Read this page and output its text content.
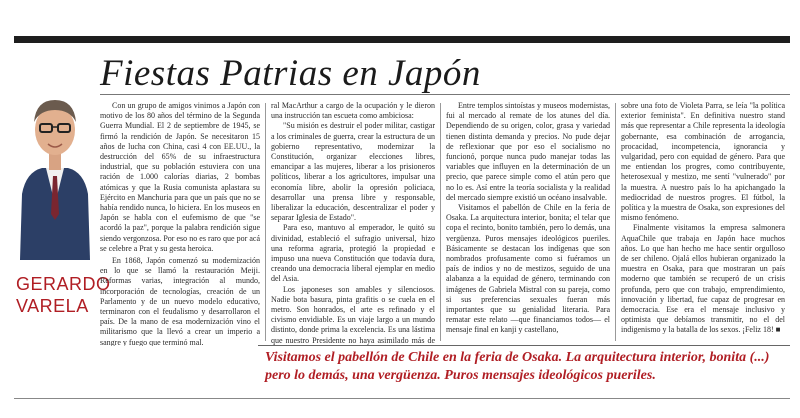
Fiestas Patrias en Japón
GERARDO VARELA

Con un grupo de amigos vinimos a Japón con motivo de los 80 años del término de la Segunda Guerra Mundial. El 2 de septiembre de 1945, se firmó la rendición de Japón. Se necesitaron 15 años de lucha con China, casi 4 con EE.UU., la destrucción del 65% de su infraestructura industrial, que su población estuviera con una ración de 1.000 calorías diarias, 2 bombas atómicas y que la Rusia comunista aplastara su Ejército en Manchuria para que un país que no se había rendido nunca, lo hiciera. En los museos en Japón se habla con el eufemismo de que "se acordó la paz", porque la palabra rendición sigue siendo vergonzosa. Por eso no es raro que por acá se celebre a Prat y su gesta heroica.

En 1868, Japón comenzó su modernización en lo que se llamó la restauración Meiji. Reformas varias, integración al mundo, incorporación de tecnologías, creación de un Parlamento y de un nuevo modelo educativo, terminaron con el feudalismo y desarrollaron el país. De la mano de esa modernización vino el militarismo que la llevó a crear un imperio a sangre y fuego que terminó mal.

ral MacArthur a cargo de la ocupación y le dieron una instrucción tan escueta como ambiciosa:

"Su misión es destruir el poder militar, castigar a los criminales de guerra, crear la estructura de un gobierno representativo, modernizar la Constitución, organizar elecciones libres, emancipar a las mujeres, liberar a los prisioneros políticos, liberar a los agricultores, impulsar una economía libre, abolir la opresión policiaca, desarrollar una prensa libre y responsable, liberalizar la educación, descentralizar el poder y separar Iglesia de Estado".

Para eso, mantuvo al emperador, le quitó su divinidad, estableció el sufragio universal, hizo una reforma agraria, protegió la propiedad e impuso una nueva Constitución que todavía dura, creando una democracia liberal ejemplar en medio del Asia.

Los japoneses son amables y silenciosos. Nadie bota basura, pinta grafitis o se cuela en el metro. Son honrados, el arte es refinado y el civismo envidiable. Es un viaje largo a un mundo distinto, donde prima la excelencia. Es una lástima que nuestro Presidente no haya asimilado más de

Entre templos sintoístas y museos modernistas, fui al mercado al remate de los atunes del día. Dependiendo de su origen, color, grasa y variedad tienen distinta demanda y precios. No pude dejar de reflexionar que por eso el socialismo no funcionó, porque nunca pudo manejar todas las variables que influyen en la determinación de un precio, que parece simple como el atún pero que no lo es. Así entre la teoría socialista y la realidad del mercado siempre existió un océano insalvable.

Visitamos el pabellón de Chile en la feria de Osaka. La arquitectura interior, bonita; el telar que copa el recinto, bonito también, pero lo demás, una vergüenza. Puros mensajes ideológicos pueriles. Básicamente se destacan los indígenas que son nombrados profusamente como si fuéramos un país de indios y no de mestizos, seguido de una alabanza a la equidad de género, terminando con imágenes de Gabriela Mistral con su pareja, como si sus preferencias sexuales fueran más importantes que su genialidad literaria. Para rematar este relato —que financiamos todos— el mensaje final en kanji y castellano,

sobre una foto de Violeta Parra, se leía "la política exterior feminista". En definitiva nuestro stand más que representar a Chile representa la ideología gobernante, esa combinación de arrogancia, procacidad, incompetencia, ignorancia y vulgaridad, pero con equidad de género. Para que me entiendan los progres, como contribuyente, heterosexual y mestizo, me sentí "vulnerado" por la muestra. A nuestro país lo ha apichangado la mediocridad de nuestros progres. El fútbol, la política y la muestra de Osaka, son expresiones del mismo fenómeno.

Finalmente visitamos la empresa salmonera AquaChile que trabaja en Japón hace muchos años. Lo que han hecho me hace sentir orgulloso de ser chileno. Ojalá ellos hubieran organizado la muestra en Osaka, para que mostraran un país moderno que también se recuperó de un crisis profunda, pero que con trabajo, emprendimiento, innovación y libertad, fue capaz de progresar en democracia. Ese era el mensaje inclusivo y optimista que debíamos transmitir, no el del indigenismo y la batalla de los sexos. ¡Feliz 18! ■

Visitamos el pabellón de Chile en la feria de Osaka. La arquitectura interior, bonita (...) pero lo demás, una vergüenza. Puros mensajes ideológicos pueriles.
